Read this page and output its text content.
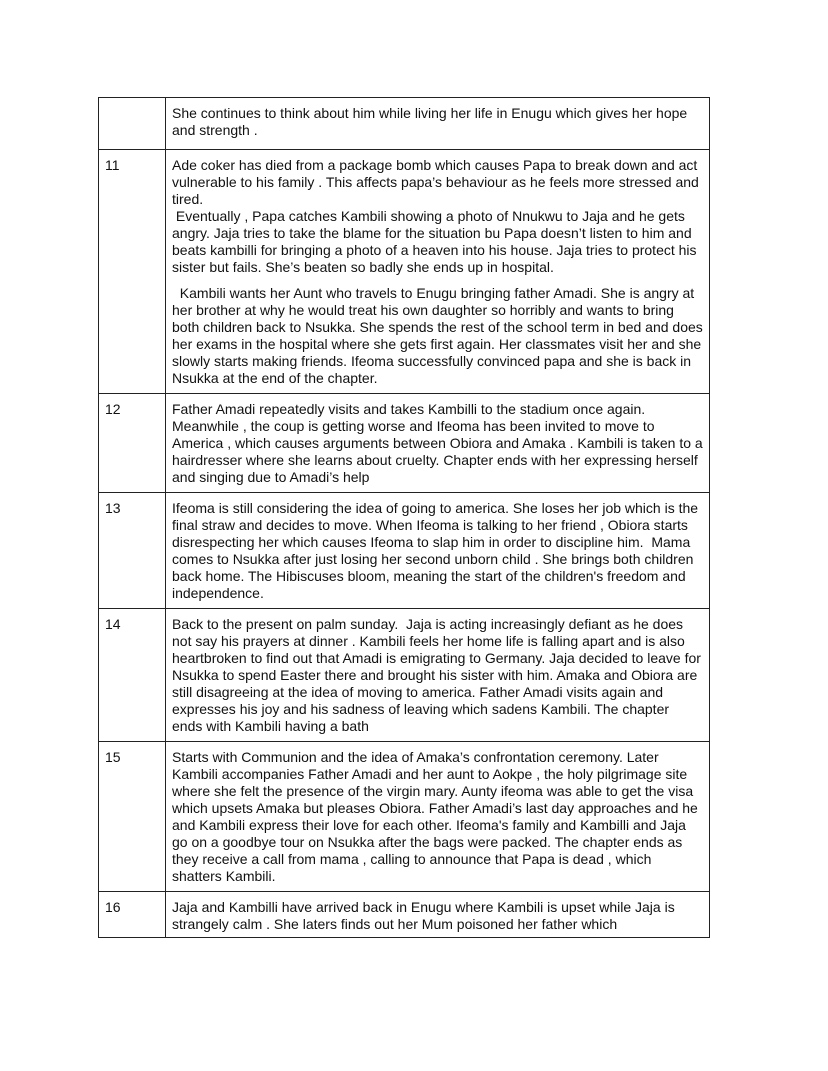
	She continues to think about him while living her life in Enugu which gives her hope and strength .

11	Ade coker has died from a package bomb which causes Papa to break down and act vulnerable to his family . This affects papa’s behaviour as he feels more stressed and tired.
Eventually , Papa catches Kambili showing a photo of Nnukwu to Jaja and he gets angry. Jaja tries to take the blame for the situation bu Papa doesn’t listen to him and beats kambilli for bringing a photo of a heaven into his house. Jaja tries to protect his sister but fails. She’s beaten so badly she ends up in hospital.

Kambili wants her Aunt who travels to Enugu bringing father Amadi. She is angry at her brother at why he would treat his own daughter so horribly and wants to bring both children back to Nsukka. She spends the rest of the school term in bed and does her exams in the hospital where she gets first again. Her classmates visit her and she slowly starts making friends. Ifeoma successfully convinced papa and she is back in Nsukka at the end of the chapter.

12	Father Amadi repeatedly visits and takes Kambilli to the stadium once again. Meanwhile , the coup is getting worse and Ifeoma has been invited to move to America , which causes arguments between Obiora and Amaka . Kambili is taken to a hairdresser where she learns about cruelty. Chapter ends with her expressing herself and singing due to Amadi’s help

13	Ifeoma is still considering the idea of going to america. She loses her job which is the final straw and decides to move. When Ifeoma is talking to her friend , Obiora starts disrespecting her which causes Ifeoma to slap him in order to discipline him.  Mama comes to Nsukka after just losing her second unborn child . She brings both children back home. The Hibiscuses bloom, meaning the start of the children's freedom and independence.

14	Back to the present on palm sunday.  Jaja is acting increasingly defiant as he does not say his prayers at dinner . Kambili feels her home life is falling apart and is also heartbroken to find out that Amadi is emigrating to Germany. Jaja decided to leave for Nsukka to spend Easter there and brought his sister with him. Amaka and Obiora are still disagreeing at the idea of moving to america. Father Amadi visits again and expresses his joy and his sadness of leaving which sadens Kambili. The chapter ends with Kambili having a bath

15	Starts with Communion and the idea of Amaka’s confrontation ceremony. Later Kambili accompanies Father Amadi and her aunt to Aokpe , the holy pilgrimage site where she felt the presence of the virgin mary. Aunty ifeoma was able to get the visa which upsets Amaka but pleases Obiora. Father Amadi’s last day approaches and he and Kambili express their love for each other. Ifeoma's family and Kambilli and Jaja go on a goodbye tour on Nsukka after the bags were packed. The chapter ends as they receive a call from mama , calling to announce that Papa is dead , which shatters Kambili.

16	Jaja and Kambilli have arrived back in Enugu where Kambili is upset while Jaja is strangely calm . She laters finds out her Mum poisoned her father which
